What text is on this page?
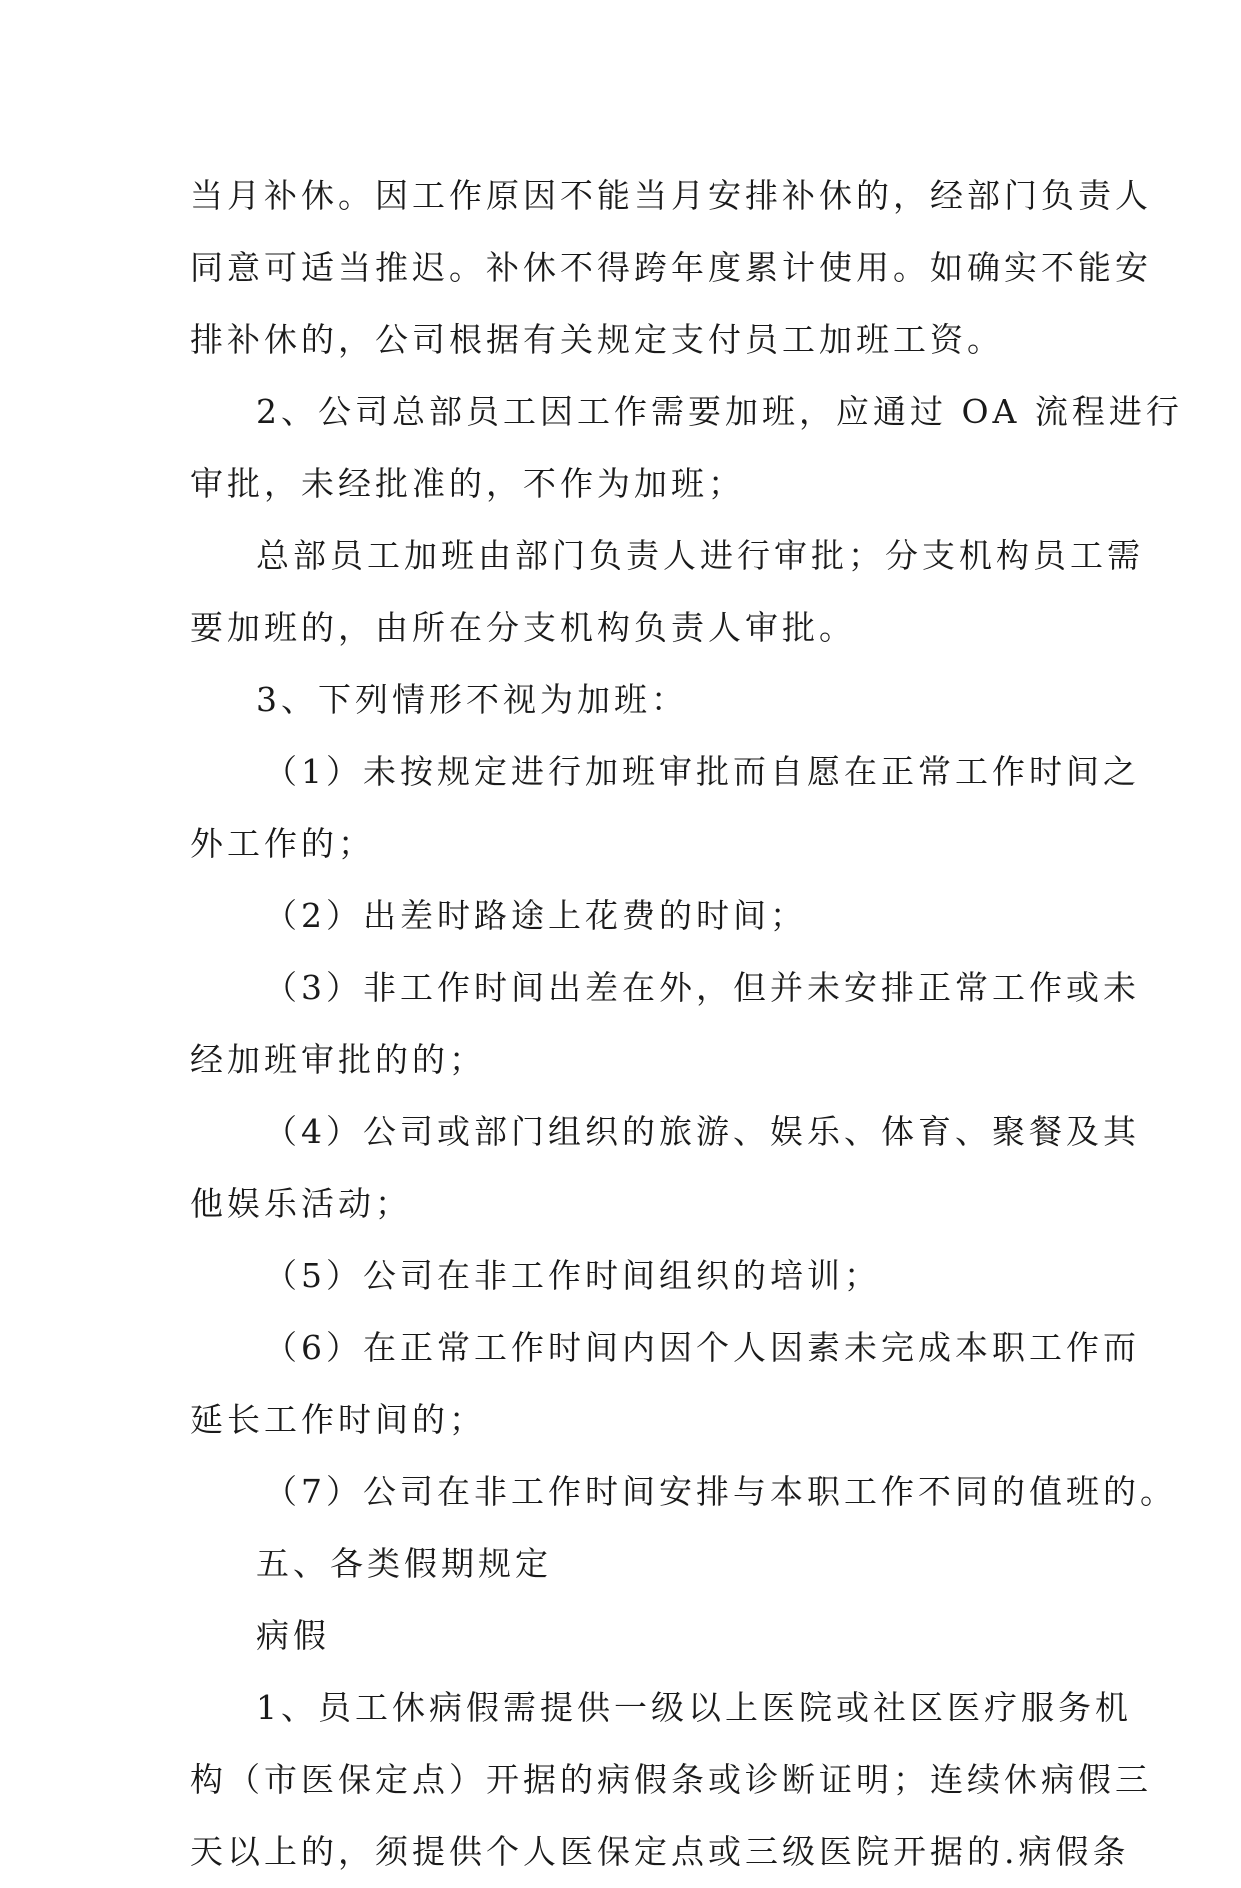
当月补休。因工作原因不能当月安排补休的，经部门负责人
同意可适当推迟。补休不得跨年度累计使用。如确实不能安
排补休的，公司根据有关规定支付员工加班工资。
2、公司总部员工因工作需要加班，应通过 OA 流程进行
审批，未经批准的，不作为加班；
总部员工加班由部门负责人进行审批；分支机构员工需
要加班的，由所在分支机构负责人审批。
3、下列情形不视为加班：
（1）未按规定进行加班审批而自愿在正常工作时间之
外工作的；
（2）出差时路途上花费的时间；
（3）非工作时间出差在外，但并未安排正常工作或未
经加班审批的的；
（4）公司或部门组织的旅游、娱乐、体育、聚餐及其
他娱乐活动；
（5）公司在非工作时间组织的培训；
（6）在正常工作时间内因个人因素未完成本职工作而
延长工作时间的；
（7）公司在非工作时间安排与本职工作不同的值班的。
五、各类假期规定
病假
1、员工休病假需提供一级以上医院或社区医疗服务机
构（市医保定点）开据的病假条或诊断证明；连续休病假三
天以上的，须提供个人医保定点或三级医院开据的.病假条
